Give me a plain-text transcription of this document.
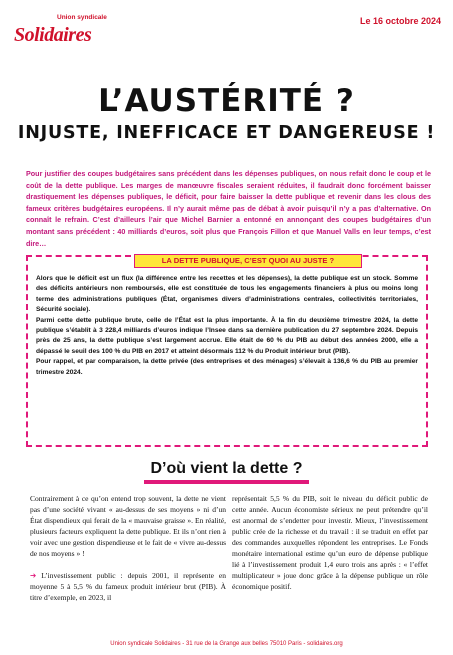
Union syndicale
Solidaires
Le 16 octobre 2024
L’AUSTÉRITÉ ?
INJUSTE, INEFFICACE ET DANGEREUSE !
Pour justifier des coupes budgétaires sans précédent dans les dépenses publiques, on nous refait donc le coup et le coût de la dette publique. Les marges de manœuvre fiscales seraient réduites, il faudrait donc forcément baisser drastiquement les dépenses publiques, le déficit, pour faire baisser la dette publique et revenir dans les clous des fameux critères budgétaires européens. Il n’y aurait même pas de débat à avoir puisqu’il n’y a pas d’alternative. On connaît le refrain. C’est d’ailleurs l’air que Michel Barnier a entonné en annonçant des coupes budgétaires d’un montant sans précédent : 40 milliards d’euros, soit plus que François Fillon et que Manuel Valls en leur temps, c’est dire…
LA DETTE PUBLIQUE, C’EST QUOI AU JUSTE ?

Alors que le déficit est un flux (la différence entre les recettes et les dépenses), la dette publique est un stock. Somme des déficits antérieurs non remboursés, elle est constituée de tous les engagements financiers à plus ou moins long terme des administrations publiques (État, organismes divers d’administrations centrales, collectivités territoriales, Sécurité sociale).

Parmi cette dette publique brute, celle de l’État est la plus importante. À la fin du deuxième trimestre 2024, la dette publique s’établit à 3 228,4 milliards d’euros indique l’Insee dans sa dernière publication du 27 septembre 2024. Depuis près de 25 ans, la dette publique s’est largement accrue. Elle était de 60 % du PIB au début des années 2000, elle a dépassé le seuil des 100 % du PIB en 2017 et atteint désormais 112 % du Produit intérieur brut (PIB).

Pour rappel, et par comparaison, la dette privée (des entreprises et des ménages) s’élevait à 136,6 % du PIB au premier trimestre 2024.

D’où vient la dette ?

Contrairement à ce qu’on entend trop souvent, la dette ne vient pas d’une société vivant « au-dessus de ses moyens » ni d’un État dispendieux qui ferait de la « mauvaise graisse ». En réalité, plusieurs facteurs expliquent la dette publique. Et ils n’ont rien à voir avec une gestion dispendieuse et le fait de « vivre au-dessus de nos moyens » !

➔ L’investissement public : depuis 2001, il représente en moyenne 5 à 5,5 % du fameux produit intérieur brut (PIB). À titre d’exemple, en 2023, il

représentait 5,5 % du PIB, soit le niveau du déficit public de cette année. Aucun économiste sérieux ne peut prétendre qu’il est anormal de s’endetter pour investir. Mieux, l’investissement public crée de la richesse et du travail : il se traduit en effet par des commandes auxquelles répondent les entreprises. Le Fonds monétaire international estime qu’un euro de dépense publique lié à l’investissement produit 1,4 euro trois ans après : « l’effet multiplicateur » joue donc grâce à la dépense publique un rôle économique positif.

Union syndicale Solidaires - 31 rue de la Grange aux belles 75010 Paris - solidaires.org
